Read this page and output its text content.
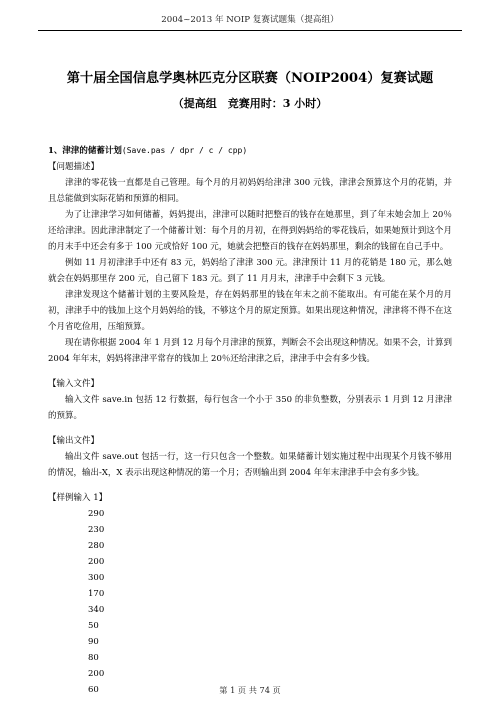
2004~2013 年 NOIP 复赛试题集（提高组）
第十届全国信息学奥林匹克分区联赛（NOIP2004）复赛试题
（提高组　竞赛用时：3 小时）

1、津津的储蓄计划(Save.pas / dpr / c / cpp)

【问题描述】

津津的零花钱一直都是自己管理。每个月的月初妈妈给津津 300 元钱，津津会预算这个月的花销，并且总能做到实际花销和预算的相同。

为了让津津学习如何储蓄，妈妈提出，津津可以随时把整百的钱存在她那里，到了年末她会加上 20％还给津津。因此津津制定了一个储蓄计划：每个月的月初，在得到妈妈给的零花钱后，如果她预计到这个月的月末手中还会有多于 100 元或恰好 100 元，她就会把整百的钱存在妈妈那里，剩余的钱留在自己手中。

例如 11 月初津津手中还有 83 元，妈妈给了津津 300 元。津津预计 11 月的花销是 180 元，那么她就会在妈妈那里存 200 元，自己留下 183 元。到了 11 月月末，津津手中会剩下 3 元钱。

津津发现这个储蓄计划的主要风险是，存在妈妈那里的钱在年末之前不能取出。有可能在某个月的月初，津津手中的钱加上这个月妈妈给的钱，不够这个月的原定预算。如果出现这种情况，津津将不得不在这个月省吃俭用，压缩预算。

现在请你根据 2004 年 1 月到 12 月每个月津津的预算，判断会不会出现这种情况。如果不会，计算到 2004 年年末，妈妈将津津平常存的钱加上 20％还给津津之后，津津手中会有多少钱。

【输入文件】

输入文件 save.in 包括 12 行数据，每行包含一个小于 350 的非负整数，分别表示 1 月到 12 月津津的预算。

【输出文件】

输出文件 save.out 包括一行，这一行只包含一个整数。如果储蓄计划实施过程中出现某个月钱不够用的情况，输出-X，X 表示出现这种情况的第一个月；否则输出到 2004 年年末津津手中会有多少钱。

【样例输入 1】

290
230
280
200
300
170
340
50
90
80
200
60	第 1 页 共 74 页
